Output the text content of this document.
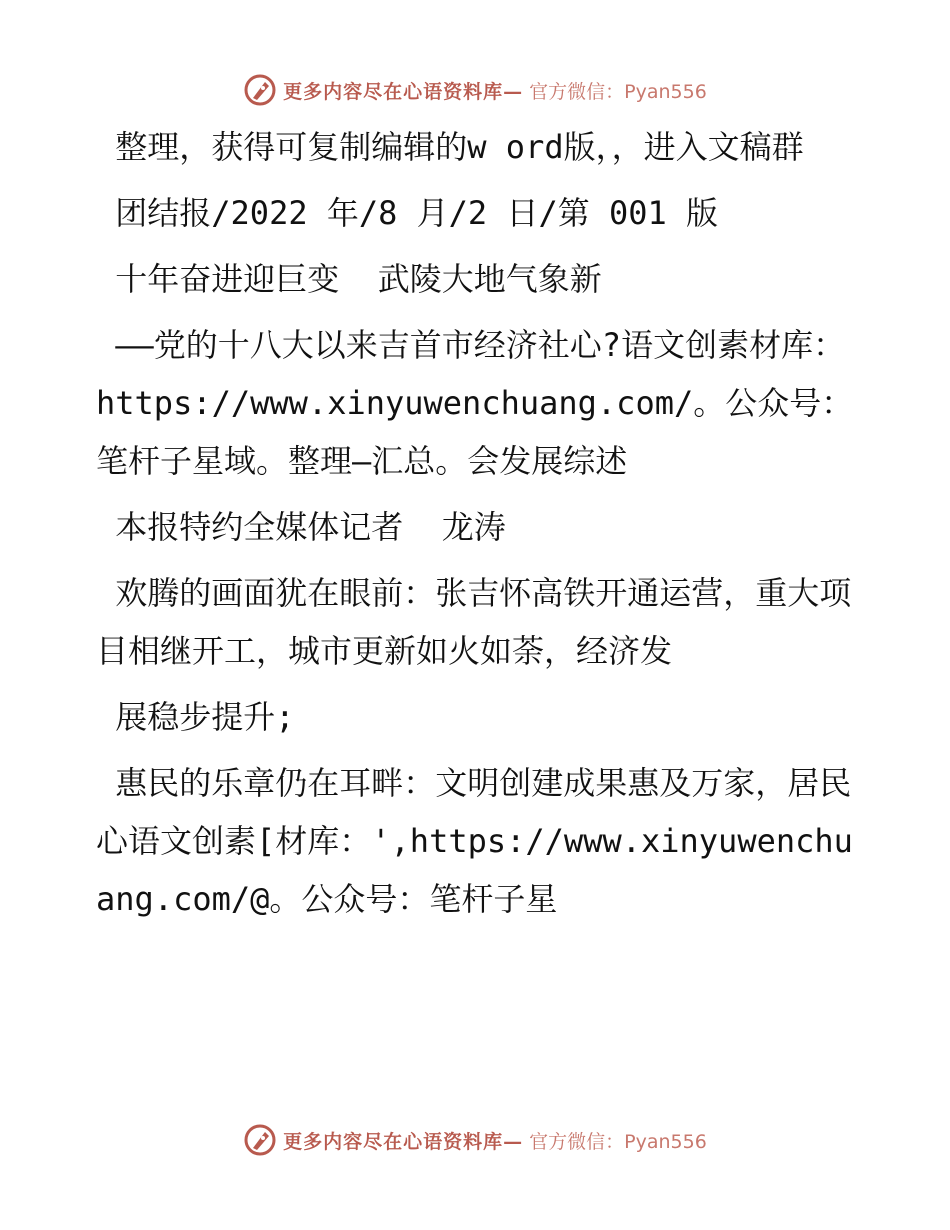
更多内容尽在心语资料库— 官方微信：Pyan556

整理，获得可复制编辑的w ord版，，进入文稿群

团结报/2022 年/8 月/2 日/第 001 版

十年奋进迎巨变  武陵大地气象新

——党的十八大以来吉首市经济社心?语文创素材库：https://www.xinyuwenchuang.com/。公众号：笔杆子星域。整理—汇总。会发展综述

本报特约全媒体记者  龙涛

欢腾的画面犹在眼前：张吉怀高铁开通运营，重大项目相继开工，城市更新如火如荼，经济发

展稳步提升;

惠民的乐章仍在耳畔：文明创建成果惠及万家，居民心语文创素[材库：',https://www.xinyuwenchuang.com/@。公众号：笔杆子星

更多内容尽在心语资料库— 官方微信：Pyan556
